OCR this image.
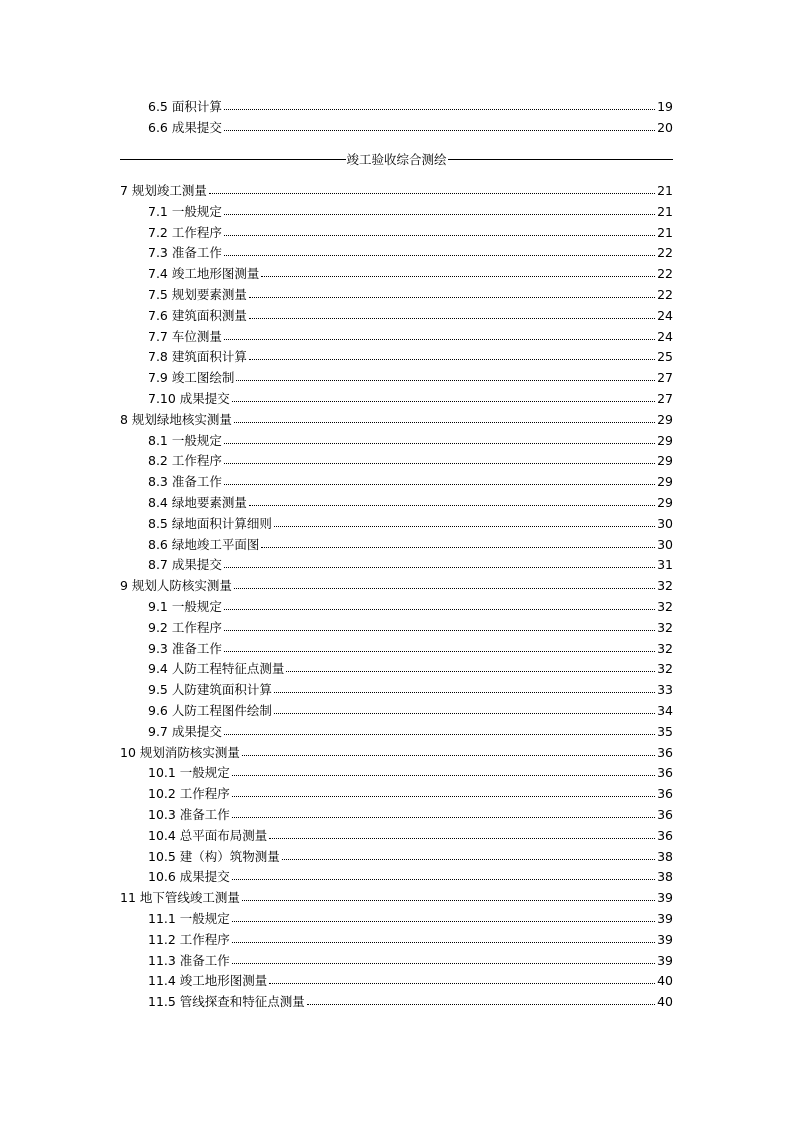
6.5 面积计算	19
6.6 成果提交	20
竣工验收综合测绘
7 规划竣工测量	21
7.1 一般规定	21
7.2 工作程序	21
7.3 准备工作	22
7.4 竣工地形图测量	22
7.5 规划要素测量	22
7.6 建筑面积测量	24
7.7 车位测量	24
7.8 建筑面积计算	25
7.9 竣工图绘制	27
7.10 成果提交	27
8 规划绿地核实测量	29
8.1 一般规定	29
8.2 工作程序	29
8.3 准备工作	29
8.4 绿地要素测量	29
8.5 绿地面积计算细则	30
8.6 绿地竣工平面图	30
8.7 成果提交	31
9 规划人防核实测量	32
9.1 一般规定	32
9.2 工作程序	32
9.3 准备工作	32
9.4 人防工程特征点测量	32
9.5 人防建筑面积计算	33
9.6 人防工程图件绘制	34
9.7 成果提交	35
10 规划消防核实测量	36
10.1 一般规定	36
10.2 工作程序	36
10.3 准备工作	36
10.4 总平面布局测量	36
10.5 建（构）筑物测量	38
10.6 成果提交	38
11 地下管线竣工测量	39
11.1 一般规定	39
11.2 工作程序	39
11.3 准备工作	39
11.4 竣工地形图测量	40
11.5 管线探查和特征点测量	40
